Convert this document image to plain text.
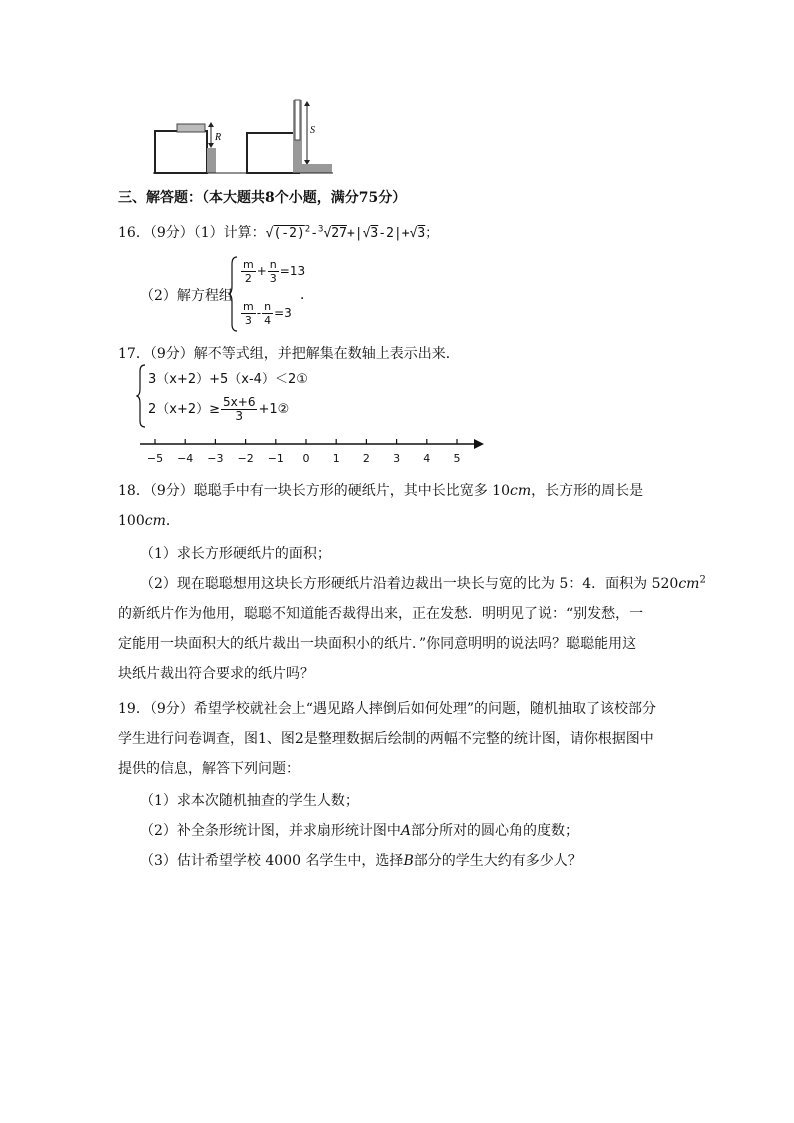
R
S
三、解答题：（本大题共8个小题，满分75分）
16．（9分）（1）计算：$√(-2)^2-^3√27+|√3-2|+√3$；
（2）解方程组
$\frac{m}{2} + \frac{n}{3} =13$
$\frac{m}{3} - \frac{n}{4} =3$
．
17．（9分）解不等式组，并把解集在数轴上表示出来．
3（x+2）+5（x-4）＜2①
$2(x+2)\ge \frac{5x+6}{3}$ +1②
−5 −4 −3 −2 −1 0 1 2 3 4 5
18．（9分）聪聪手中有一块长方形的硬纸片，其中长比宽多 10cm，长方形的周长是
100cm．
（1）求长方形硬纸片的面积；
（2）现在聪聪想用这块长方形硬纸片沿着边裁出一块长与宽的比为 5：4．面积为 $520cm^2$
的新纸片作为他用，聪聪不知道能否裁得出来，正在发愁．明明见了说：“别发愁，一
定能用一块面积大的纸片裁出一块面积小的纸片．”你同意明明的说法吗？聪聪能用这
块纸片裁出符合要求的纸片吗？
19．（9分）希望学校就社会上“遇见路人摔倒后如何处理”的问题，随机抽取了该校部分
学生进行问卷调查，图1、图2是整理数据后绘制的两幅不完整的统计图，请你根据图中
提供的信息，解答下列问题：
（1）求本次随机抽查的学生人数；
（2）补全条形统计图，并求扇形统计图中A部分所对的圆心角的度数；
（3）估计希望学校 4000 名学生中，选择B部分的学生大约有多少人？
